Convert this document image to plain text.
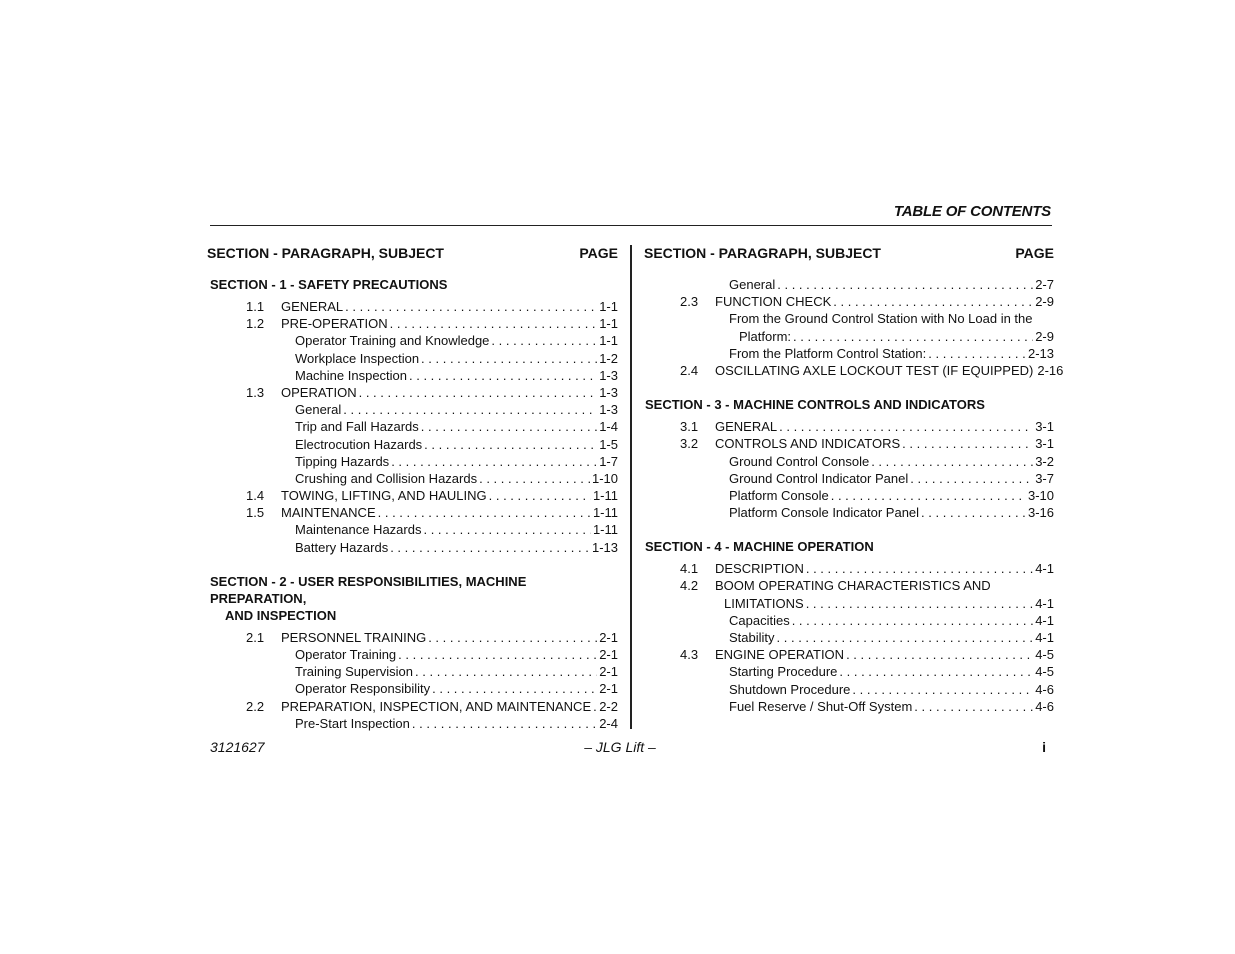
TABLE OF CONTENTS
SECTION - PARAGRAPH, SUBJECT	PAGE
SECTION - 1 - SAFETY PRECAUTIONS
1.1	GENERAL . . .	1-1
1.2	PRE-OPERATION . . .	1-1
Operator Training and Knowledge . . .	1-1
Workplace Inspection . . .	1-2
Machine Inspection . . .	1-3
1.3	OPERATION . . .	1-3
General . . .	1-3
Trip and Fall Hazards . . .	1-4
Electrocution Hazards . . .	1-5
Tipping Hazards . . .	1-7
Crushing and Collision Hazards . . .	1-10
1.4	TOWING, LIFTING, AND HAULING . . .	1-11
1.5	MAINTENANCE . . .	1-11
Maintenance Hazards . . .	1-11
Battery Hazards . . .	1-13
SECTION - 2 - USER RESPONSIBILITIES, MACHINE PREPARATION,
AND INSPECTION
2.1	PERSONNEL TRAINING . . .	2-1
Operator Training . . .	2-1
Training Supervision . . .	2-1
Operator Responsibility . . .	2-1
2.2	PREPARATION, INSPECTION, AND MAINTENANCE . . . 2-2
Pre-Start Inspection . . .	2-4
SECTION - PARAGRAPH, SUBJECT	PAGE
General . . .	2-7
2.3	FUNCTION CHECK . . .	2-9
From the Ground Control Station with No Load in the
Platform: . . .	2-9
From the Platform Control Station: . . .	2-13
2.4	OSCILLATING AXLE LOCKOUT TEST (IF EQUIPPED) 2-16
SECTION - 3 - MACHINE CONTROLS AND INDICATORS
3.1	GENERAL . . .	3-1
3.2	CONTROLS AND INDICATORS . . .	3-1
Ground Control Console . . .	3-2
Ground Control Indicator Panel . . .	3-7
Platform Console . . .	3-10
Platform Console Indicator Panel . . .	3-16
SECTION - 4 - MACHINE OPERATION
4.1	DESCRIPTION . . .	4-1
4.2	BOOM OPERATING CHARACTERISTICS AND
LIMITATIONS . . .	4-1
Capacities . . .	4-1
Stability . . .	4-1
4.3	ENGINE OPERATION . . .	4-5
Starting Procedure . . .	4-5
Shutdown Procedure . . .	4-6
Fuel Reserve / Shut-Off System . . .	4-6
3121627	– JLG Lift –	i
